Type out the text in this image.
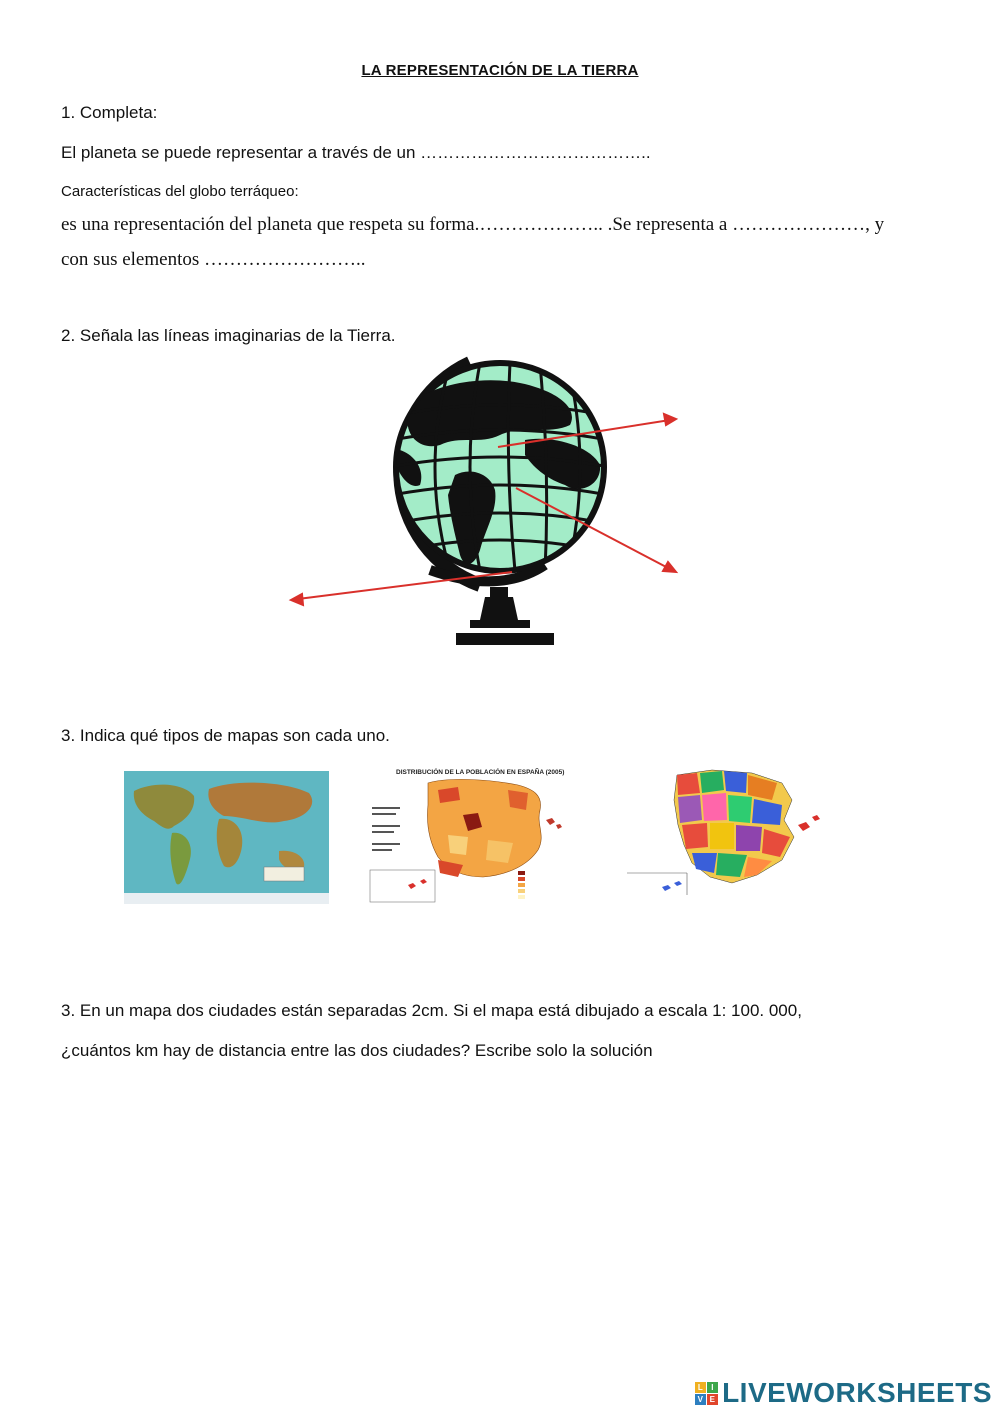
LA REPRESENTACIÓN DE LA TIERRA
1. Completa:
El planeta se puede representar a través de un …………………………………..
Características del globo terráqueo:
es una representación del planeta que respeta su forma.……………….. .Se representa a …………………, y
con sus elementos ……………………..
2. Señala las líneas imaginarias de la Tierra.
3. Indica qué tipos de mapas son cada uno.
DISTRIBUCIÓN DE LA POBLACIÓN EN ESPAÑA (2005)
3. En un mapa dos ciudades están separadas 2cm. Si el mapa está dibujado a escala 1: 100. 000,
¿cuántos km hay de distancia entre las dos ciudades? Escribe solo la solución
L I
V E LIVEWORKSHEETS
